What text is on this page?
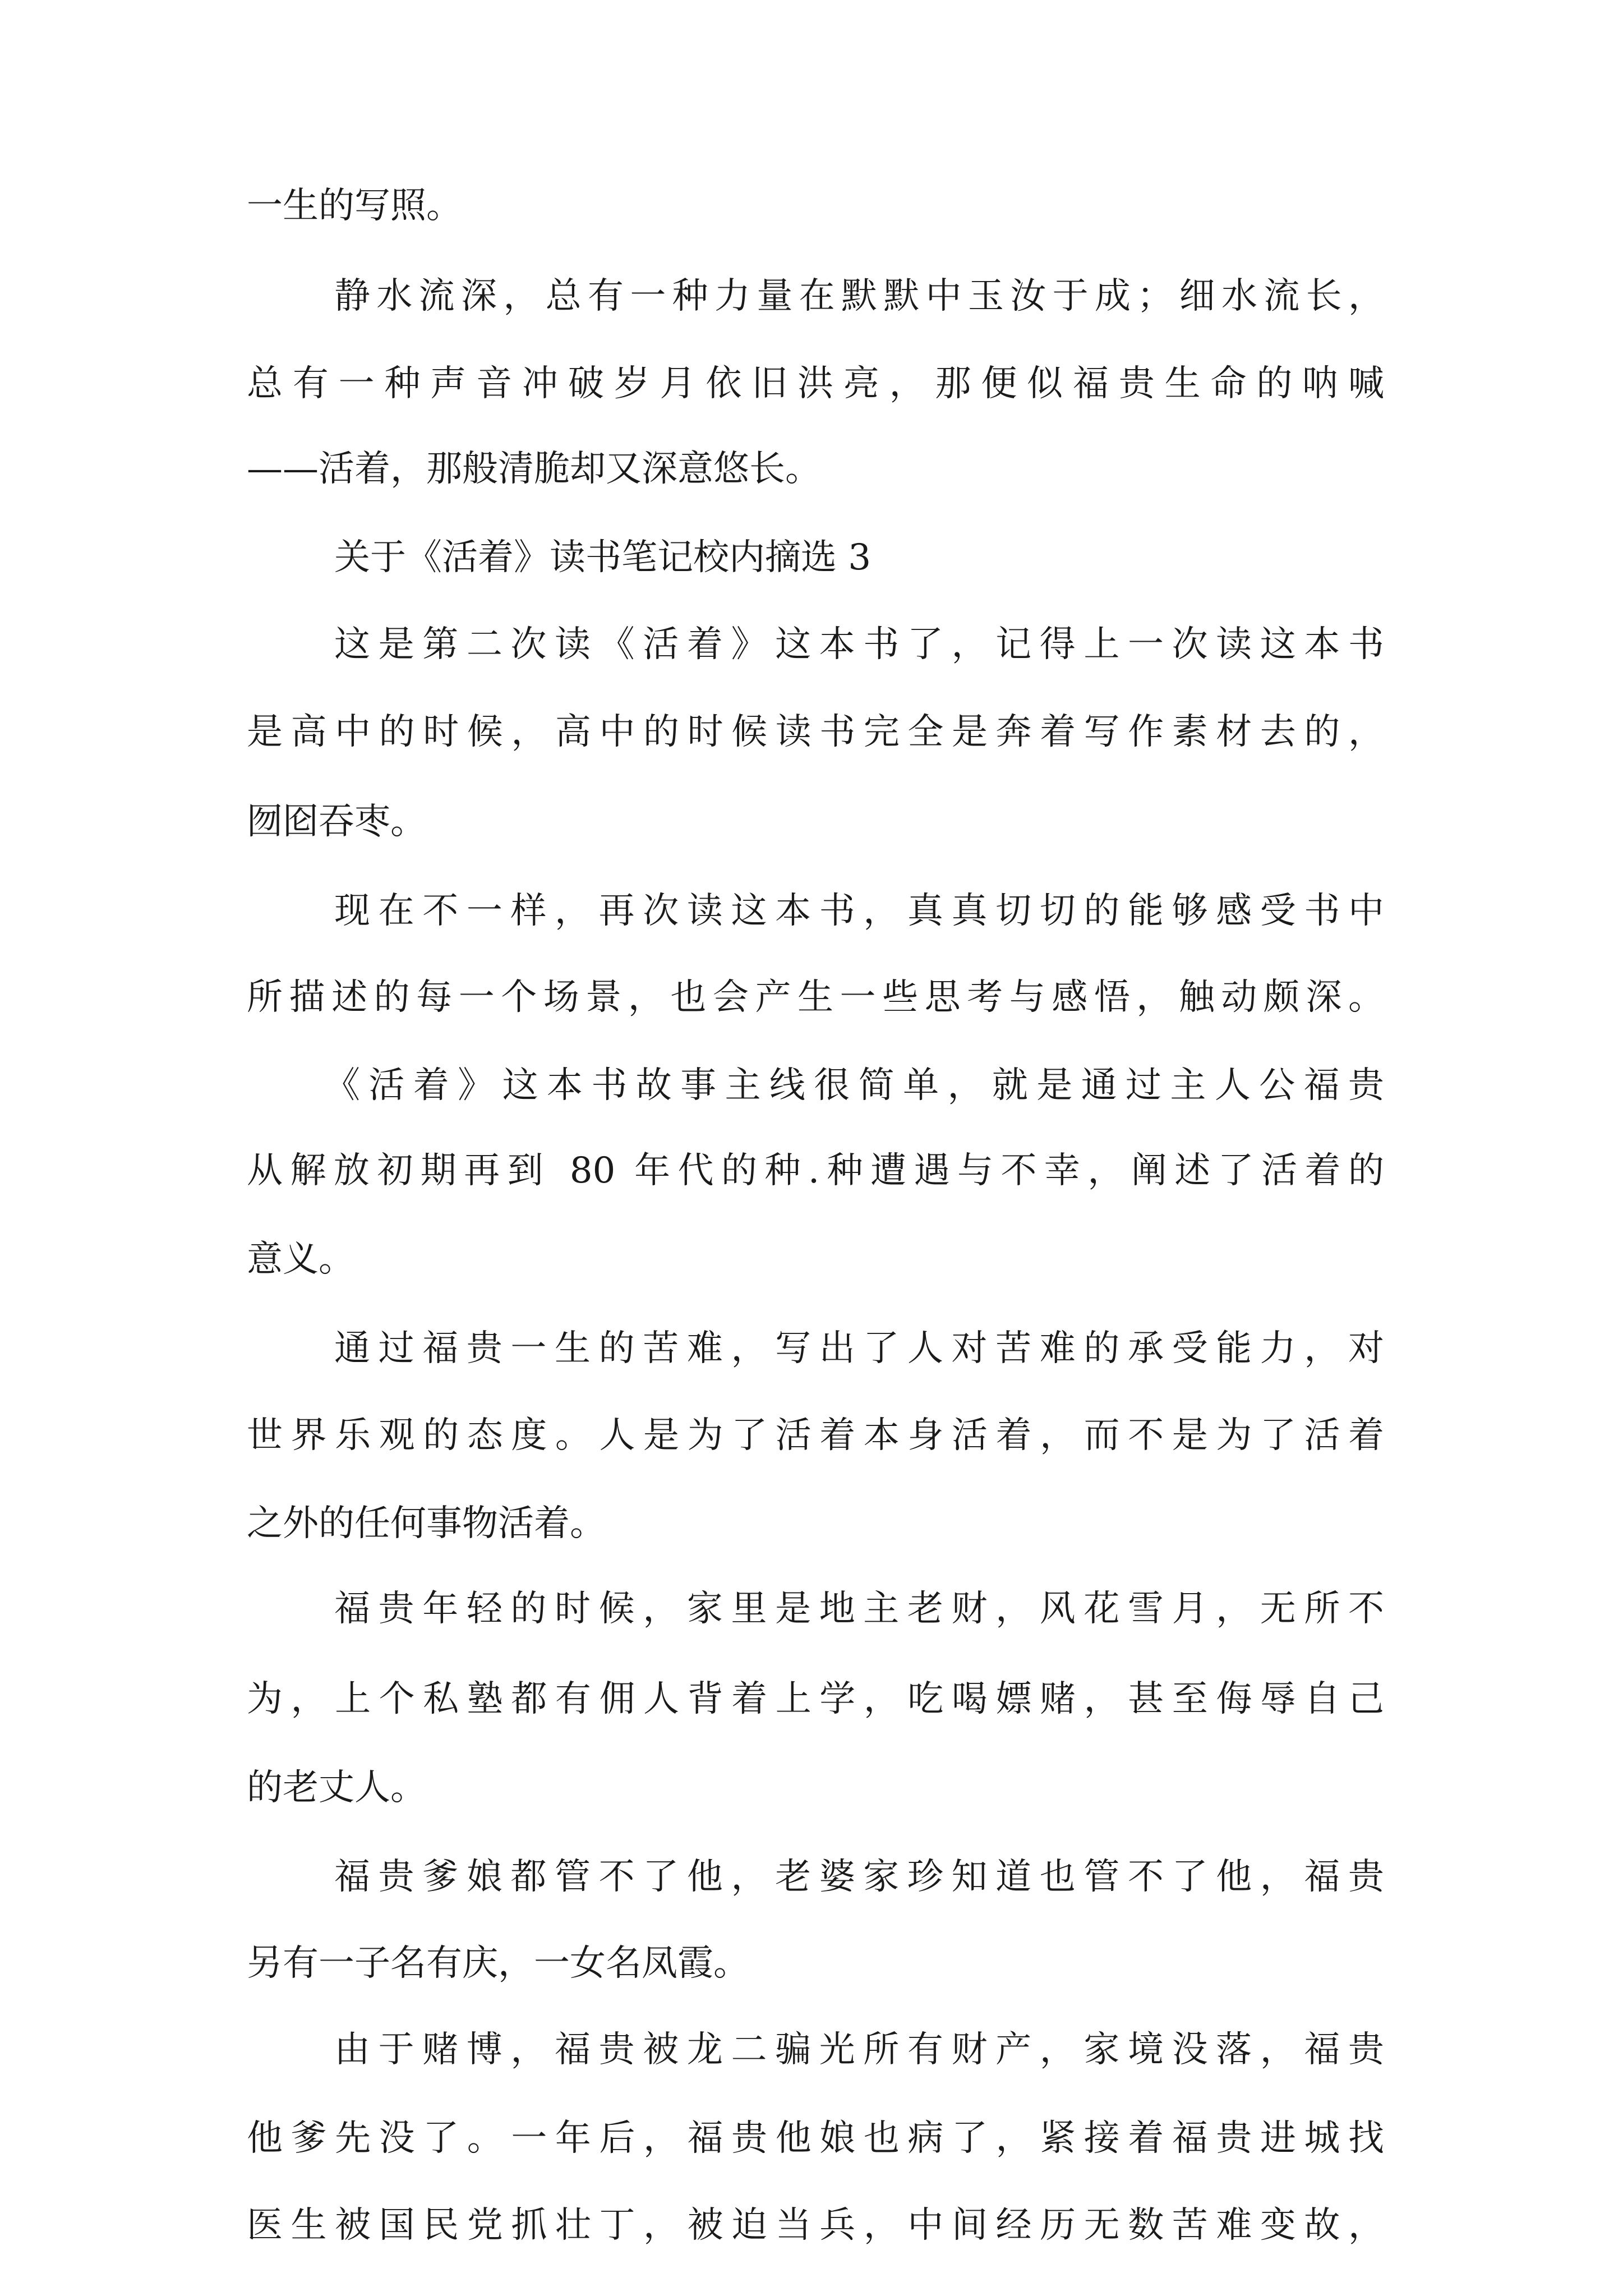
一生的写照。
静水流深，总有一种力量在默默中玉汝于成；细水流长，
总有一种声音冲破岁月依旧洪亮，那便似福贵生命的呐喊
——活着，那般清脆却又深意悠长。
关于《活着》读书笔记校内摘选 3
这是第二次读《活着》这本书了，记得上一次读这本书
是高中的时候，高中的时候读书完全是奔着写作素材去的，
囫囵吞枣。
现在不一样，再次读这本书，真真切切的能够感受书中
所描述的每一个场景，也会产生一些思考与感悟，触动颇深。
《活着》这本书故事主线很简单，就是通过主人公福贵
从解放初期再到 80 年代的种.种遭遇与不幸，阐述了活着的
意义。
通过福贵一生的苦难，写出了人对苦难的承受能力，对
世界乐观的态度。人是为了活着本身活着，而不是为了活着
之外的任何事物活着。
福贵年轻的时候，家里是地主老财，风花雪月，无所不
为，上个私塾都有佣人背着上学，吃喝嫖赌，甚至侮辱自己
的老丈人。
福贵爹娘都管不了他，老婆家珍知道也管不了他，福贵
另有一子名有庆，一女名凤霞。
由于赌博，福贵被龙二骗光所有财产，家境没落，福贵
他爹先没了。一年后，福贵他娘也病了，紧接着福贵进城找
医生被国民党抓壮丁，被迫当兵，中间经历无数苦难变故，
